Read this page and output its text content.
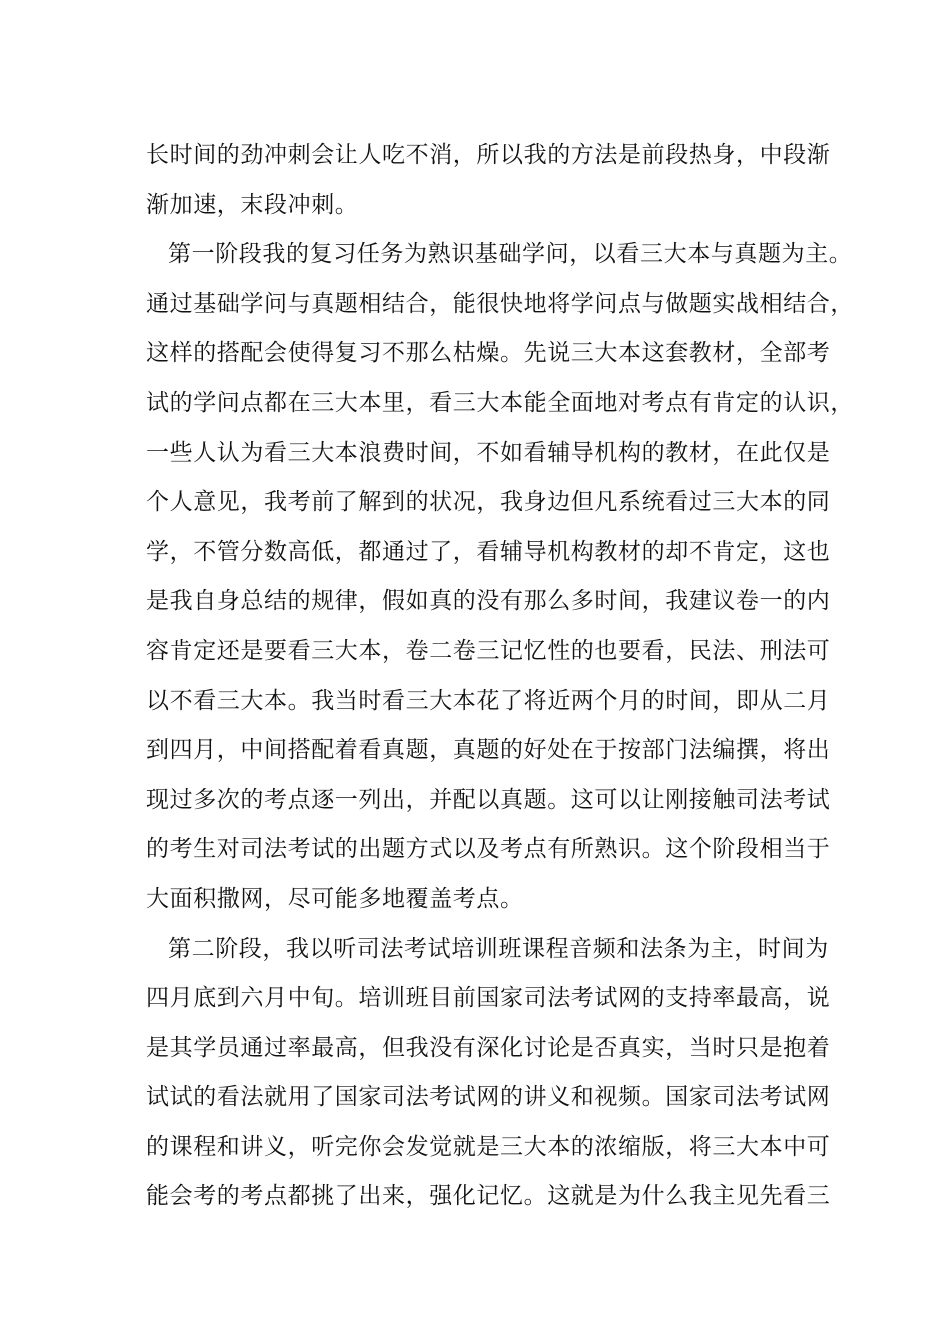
长时间的劲冲刺会让人吃不消，所以我的方法是前段热身，中段渐
渐加速，末段冲刺。
第一阶段我的复习任务为熟识基础学问，以看三大本与真题为主。
通过基础学问与真题相结合，能很快地将学问点与做题实战相结合，
这样的搭配会使得复习不那么枯燥。先说三大本这套教材，全部考
试的学问点都在三大本里，看三大本能全面地对考点有肯定的认识，
一些人认为看三大本浪费时间，不如看辅导机构的教材，在此仅是
个人意见，我考前了解到的状况，我身边但凡系统看过三大本的同
学，不管分数高低，都通过了，看辅导机构教材的却不肯定，这也
是我自身总结的规律，假如真的没有那么多时间，我建议卷一的内
容肯定还是要看三大本，卷二卷三记忆性的也要看，民法、刑法可
以不看三大本。我当时看三大本花了将近两个月的时间，即从二月
到四月，中间搭配着看真题，真题的好处在于按部门法编撰，将出
现过多次的考点逐一列出，并配以真题。这可以让刚接触司法考试
的考生对司法考试的出题方式以及考点有所熟识。这个阶段相当于
大面积撒网，尽可能多地覆盖考点。
第二阶段，我以听司法考试培训班课程音频和法条为主，时间为
四月底到六月中旬。培训班目前国家司法考试网的支持率最高，说
是其学员通过率最高，但我没有深化讨论是否真实，当时只是抱着
试试的看法就用了国家司法考试网的讲义和视频。国家司法考试网
的课程和讲义，听完你会发觉就是三大本的浓缩版，将三大本中可
能会考的考点都挑了出来，强化记忆。这就是为什么我主见先看三
